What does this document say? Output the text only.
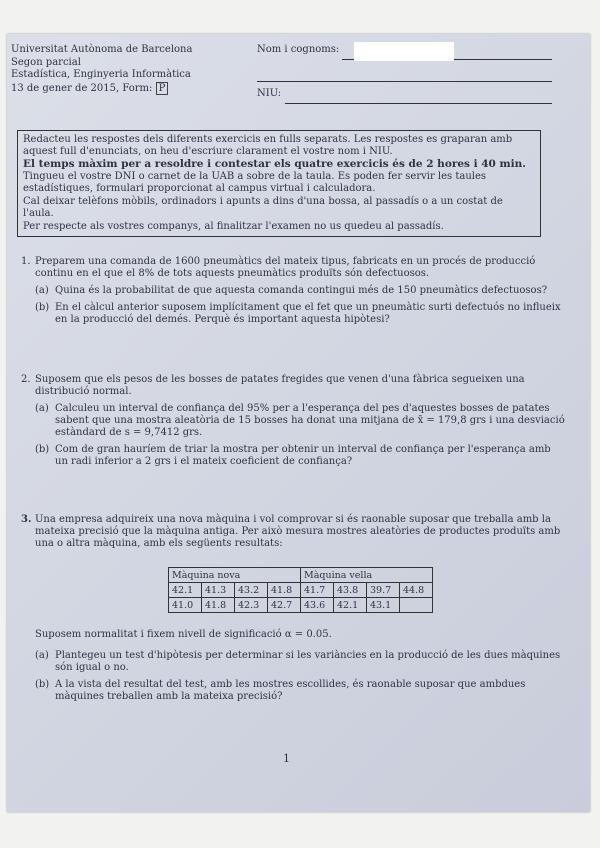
Universitat Autònoma de Barcelona
Segon parcial
Estadística, Enginyeria Informàtica
13 de gener de 2015, Form: P
Nom i cognoms:
NIU:

Redacteu les respostes dels diferents exercicis en fulls separats. Les respostes es graparan amb aquest full d'enunciats, on heu d'escriure clarament el vostre nom i NIU.

El temps màxim per a resoldre i contestar els quatre exercicis és de 2 hores i 40 min.

Tingueu el vostre DNI o carnet de la UAB a sobre de la taula. Es poden fer servir les taules estadístiques, formulari proporcionat al campus virtual i calculadora.

Cal deixar telèfons mòbils, ordinadors i apunts a dins d'una bossa, al passadís o a un costat de l'aula.

Per respecte als vostres companys, al finalitzar l'examen no us quedeu al passadís.

1. Preparem una comanda de 1600 pneumàtics del mateix tipus, fabricats en un procés de producció continu en el que el 8% de tots aquests pneumàtics produïts són defectuosos.
(a) Quina és la probabilitat de que aquesta comanda contingui més de 150 pneumàtics defectuosos?
(b) En el càlcul anterior suposem implícitament que el fet que un pneumàtic surti defectuós no influeix en la producció del demés. Perquè és important aquesta hipòtesi?
2. Suposem que els pesos de les bosses de patates fregides que venen d'una fàbrica segueixen una distribució normal.
(a) Calculeu un interval de confiança del 95% per a l'esperança del pes d'aquestes bosses de patates sabent que una mostra aleatòria de 15 bosses ha donat una mitjana de x̄ = 179,8 grs i una desviació estàndard de s = 9,7412 grs.
(b) Com de gran hauríem de triar la mostra per obtenir un interval de confiança per l'esperança amb un radi inferior a 2 grs i el mateix coeficient de confiança?
3. Una empresa adquireix una nova màquina i vol comprovar si és raonable suposar que treballa amb la mateixa precisió que la màquina antiga. Per això mesura mostres aleatòries de productes produïts amb una o altra màquina, amb els següents resultats:
Màquina nova				Màquina vella			
42.1	41.3	43.2	41.8	41.7	43.8	39.7	44.8
41.0	41.8	42.3	42.7	43.6	42.1	43.1	
Suposem normalitat i fixem nivell de significació α = 0.05.
(a) Plantegeu un test d'hipòtesis per determinar si les variàncies en la producció de les dues màquines són igual o no.
(b) A la vista del resultat del test, amb les mostres escollides, és raonable suposar que ambdues màquines treballen amb la mateixa precisió?
1
